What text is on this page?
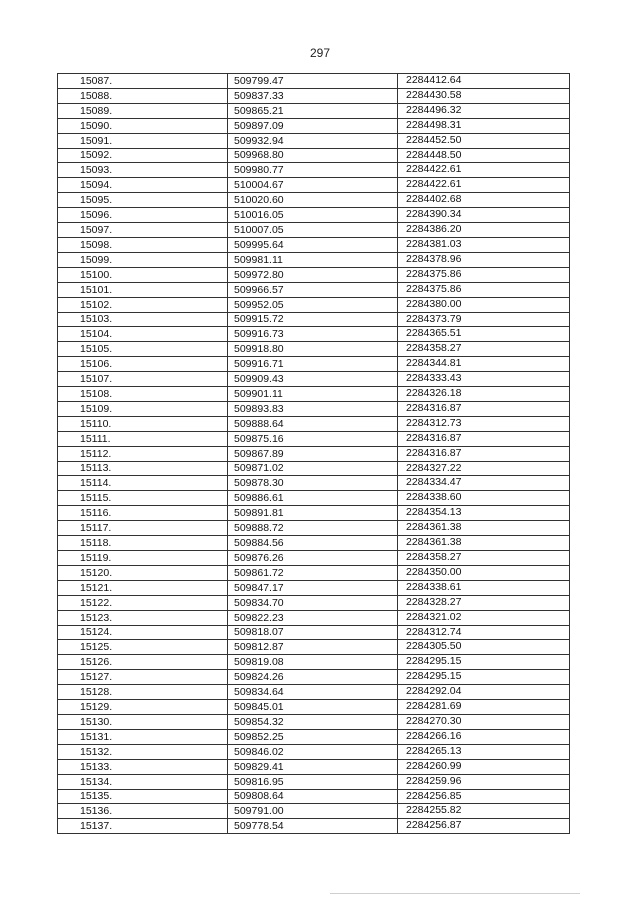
297
15087.	509799.47	2284412.64
15088.	509837.33	2284430.58
15089.	509865.21	2284496.32
15090.	509897.09	2284498.31
15091.	509932.94	2284452.50
15092.	509968.80	2284448.50
15093.	509980.77	2284422.61
15094.	510004.67	2284422.61
15095.	510020.60	2284402.68
15096.	510016.05	2284390.34
15097.	510007.05	2284386.20
15098.	509995.64	2284381.03
15099.	509981.11	2284378.96
15100.	509972.80	2284375.86
15101.	509966.57	2284375.86
15102.	509952.05	2284380.00
15103.	509915.72	2284373.79
15104.	509916.73	2284365.51
15105.	509918.80	2284358.27
15106.	509916.71	2284344.81
15107.	509909.43	2284333.43
15108.	509901.11	2284326.18
15109.	509893.83	2284316.87
15110.	509888.64	2284312.73
15111.	509875.16	2284316.87
15112.	509867.89	2284316.87
15113.	509871.02	2284327.22
15114.	509878.30	2284334.47
15115.	509886.61	2284338.60
15116.	509891.81	2284354.13
15117.	509888.72	2284361.38
15118.	509884.56	2284361.38
15119.	509876.26	2284358.27
15120.	509861.72	2284350.00
15121.	509847.17	2284338.61
15122.	509834.70	2284328.27
15123.	509822.23	2284321.02
15124.	509818.07	2284312.74
15125.	509812.87	2284305.50
15126.	509819.08	2284295.15
15127.	509824.26	2284295.15
15128.	509834.64	2284292.04
15129.	509845.01	2284281.69
15130.	509854.32	2284270.30
15131.	509852.25	2284266.16
15132.	509846.02	2284265.13
15133.	509829.41	2284260.99
15134.	509816.95	2284259.96
15135.	509808.64	2284256.85
15136.	509791.00	2284255.82
15137.	509778.54	2284256.87
